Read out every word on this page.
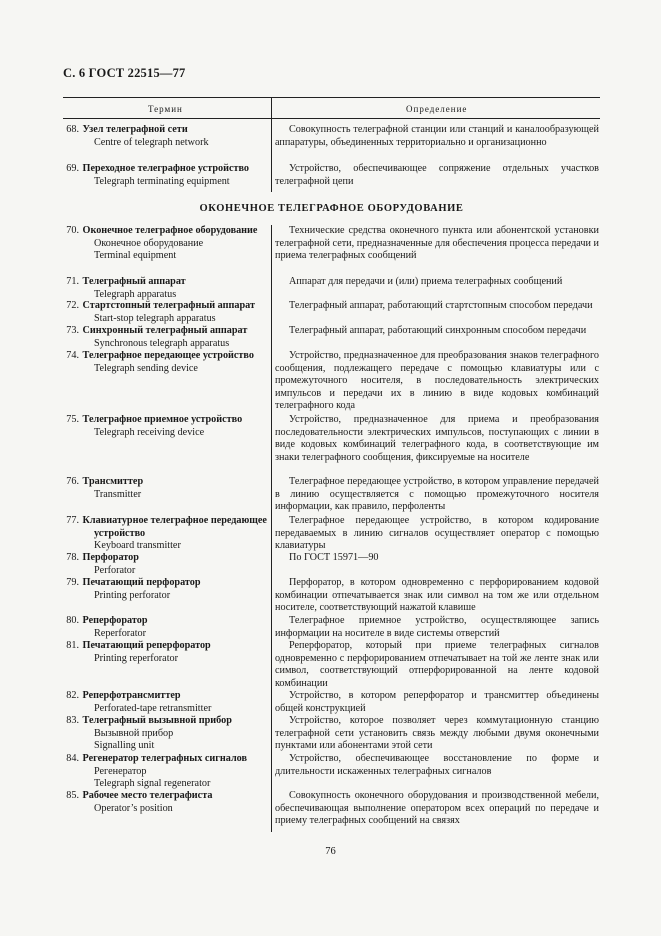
С. 6 ГОСТ 22515—77
Термин	Определение
ОКОНЕЧНОЕ ТЕЛЕГРАФНОЕ ОБОРУДОВАНИЕ
68. Узел телеграфной сети
Centre of telegraph network
Совокупность телеграфной станции или станций и каналообразующей аппаратуры, объединенных территориально и организационно
69. Переходное телеграфное устройство
Telegraph terminating equipment
Устройство, обеспечивающее сопряжение отдельных участков телеграфной цепи
70. Оконечное телеграфное оборудование
Оконечное оборудование
Terminal equipment
Технические средства оконечного пункта или абонентской установки телеграфной сети, предназначенные для обеспечения процесса передачи и приема телеграфных сообщений
71. Телеграфный аппарат
Telegraph apparatus
Аппарат для передачи и (или) приема телеграфных сообщений
72. Стартстопный телеграфный аппарат
Start-stop telegraph apparatus
Телеграфный аппарат, работающий стартстопным способом передачи
73. Синхронный телеграфный аппарат
Synchronous telegraph apparatus
Телеграфный аппарат, работающий синхронным способом передачи
74. Телеграфное передающее устройство
Telegraph sending device
Устройство, предназначенное для преобразования знаков телеграфного сообщения, подлежащего передаче с помощью клавиатуры или с промежуточного носителя, в последовательность электрических импульсов и передачи их в линию в виде кодовых комбинаций телеграфного кода
75. Телеграфное приемное устройство
Telegraph receiving device
Устройство, предназначенное для приема и преобразования последовательности электрических импульсов, поступающих с линии в виде кодовых комбинаций телеграфного кода, в соответствующие им знаки телеграфного сообщения, фиксируемые на носителе
76. Трансмиттер
Transmitter
Телеграфное передающее устройство, в котором управление передачей в линию осуществляется с помощью промежуточного носителя информации, как правило, перфоленты
77. Клавиатурное телеграфное передающее устройство
Keyboard transmitter
Телеграфное передающее устройство, в котором кодирование передаваемых в линию сигналов осуществляет оператор с помощью клавиатуры
78. Перфоратор
Perforator
По ГОСТ 15971—90
79. Печатающий перфоратор
Printing perforator
Перфоратор, в котором одновременно с перфорированием кодовой комбинации отпечатывается знак или символ на том же или отдельном носителе, соответствующий нажатой клавише
80. Реперфоратор
Reperforator
Телеграфное приемное устройство, осуществляющее запись информации на носителе в виде системы отверстий
81. Печатающий реперфоратор
Printing reperforator
Реперфоратор, который при приеме телеграфных сигналов одновременно с перфорированием отпечатывает на той же ленте знак или символ, соответствующий отперфорированной на ленте кодовой комбинации
82. Реперфотрансмиттер
Perforated-tape retransmitter
Устройство, в котором реперфоратор и трансмиттер объединены общей конструкцией
83. Телеграфный вызывной прибор
Вызывной прибор
Signalling unit
Устройство, которое позволяет через коммутационную станцию телеграфной сети установить связь между любыми двумя оконечными пунктами или абонентами этой сети
84. Регенератор телеграфных сигналов
Регенератор
Telegraph signal regenerator
Устройство, обеспечивающее восстановление по форме и длительности искаженных телеграфных сигналов
85. Рабочее место телеграфиста
Operator’s position
Совокупность оконечного оборудования и производственной мебели, обеспечивающая выполнение оператором всех операций по передаче и приему телеграфных сообщений на связях
76
